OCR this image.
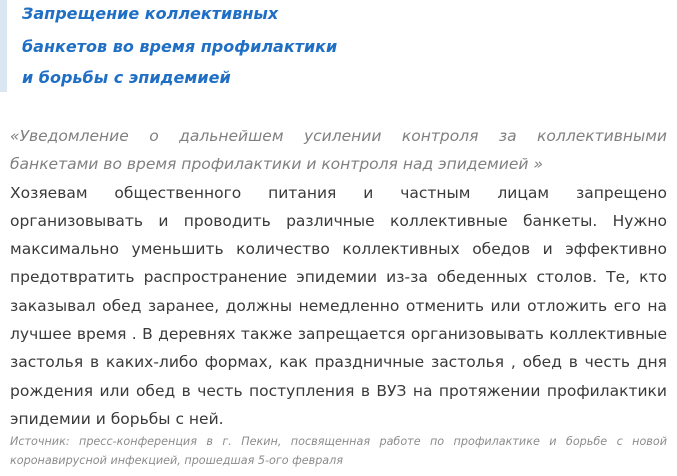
Запрещение коллективных
банкетов во время профилактики
и борьбы с эпидемией

«Уведомление о дальнейшем усилении контроля за коллективными банкетами во время профилактики и контроля над эпидемией »

Хозяевам общественного питания и частным лицам запрещено организовывать и проводить различные коллективные банкеты. Нужно максимально уменьшить количество коллективных обедов и эффективно предотвратить распространение эпидемии из-за обеденных столов. Те, кто заказывал обед заранее, должны немедленно отменить или отложить его на лучшее время . В деревнях также запрещается организовывать коллективные застолья в каких-либо формах, как праздничные застолья , обед в честь дня рождения или обед в честь поступления в ВУЗ на протяжении профилактики эпидемии и борьбы с ней.

Источник: пресс-конференция в г. Пекин, посвященная работе по профилактике и борьбе с новой коронавирусной инфекцией, прошедшая 5-ого февраля
